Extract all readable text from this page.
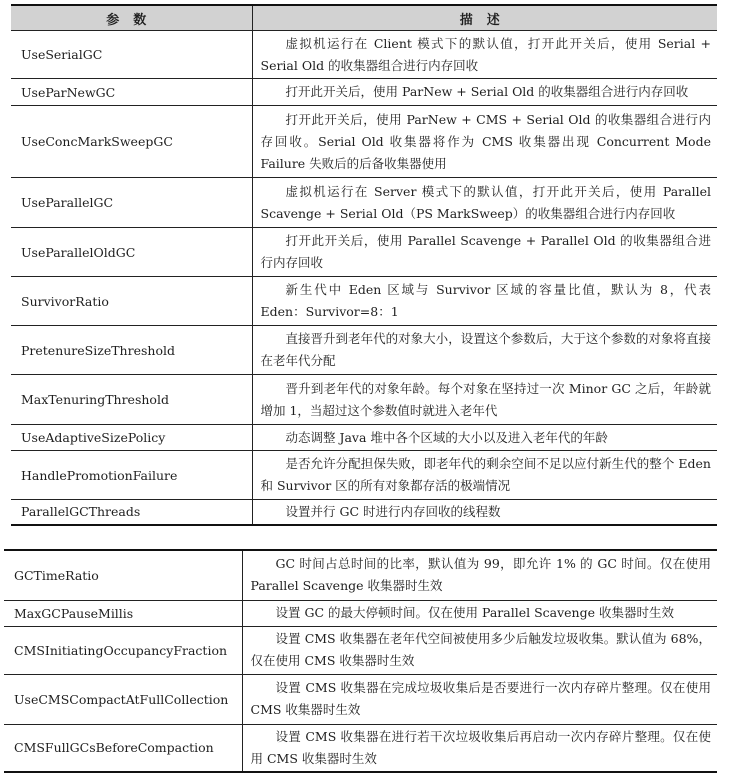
参数	描述
UseSerialGC	虚拟机运行在 Client 模式下的默认值，打开此开关后，使用 Serial + Serial Old 的收集器组合进行内存回收
UseParNewGC	打开此开关后，使用 ParNew + Serial Old 的收集器组合进行内存回收
UseConcMarkSweepGC	打开此开关后，使用 ParNew + CMS + Serial Old 的收集器组合进行内存回收。Serial Old 收集器将作为 CMS 收集器出现 Concurrent Mode Failure 失败后的后备收集器使用
UseParallelGC	虚拟机运行在 Server 模式下的默认值，打开此开关后，使用 Parallel Scavenge + Serial Old（PS MarkSweep）的收集器组合进行内存回收
UseParallelOldGC	打开此开关后，使用 Parallel Scavenge + Parallel Old 的收集器组合进行内存回收
SurvivorRatio	新生代中 Eden 区域与 Survivor 区域的容量比值，默认为 8，代表 Eden：Survivor=8：1
PretenureSizeThreshold	直接晋升到老年代的对象大小，设置这个参数后，大于这个参数的对象将直接在老年代分配
MaxTenuringThreshold	晋升到老年代的对象年龄。每个对象在坚持过一次 Minor GC 之后，年龄就增加 1，当超过这个参数值时就进入老年代
UseAdaptiveSizePolicy	动态调整 Java 堆中各个区域的大小以及进入老年代的年龄
HandlePromotionFailure	是否允许分配担保失败，即老年代的剩余空间不足以应付新生代的整个 Eden 和 Survivor 区的所有对象都存活的极端情况
ParallelGCThreads	设置并行 GC 时进行内存回收的线程数
GCTimeRatio	GC 时间占总时间的比率，默认值为 99，即允许 1% 的 GC 时间。仅在使用 Parallel Scavenge 收集器时生效
MaxGCPauseMillis	设置 GC 的最大停顿时间。仅在使用 Parallel Scavenge 收集器时生效
CMSInitiatingOccupancyFraction	设置 CMS 收集器在老年代空间被使用多少后触发垃圾收集。默认值为 68%，仅在使用 CMS 收集器时生效
UseCMSCompactAtFullCollection	设置 CMS 收集器在完成垃圾收集后是否要进行一次内存碎片整理。仅在使用 CMS 收集器时生效
CMSFullGCsBeforeCompaction	设置 CMS 收集器在进行若干次垃圾收集后再启动一次内存碎片整理。仅在使用 CMS 收集器时生效
